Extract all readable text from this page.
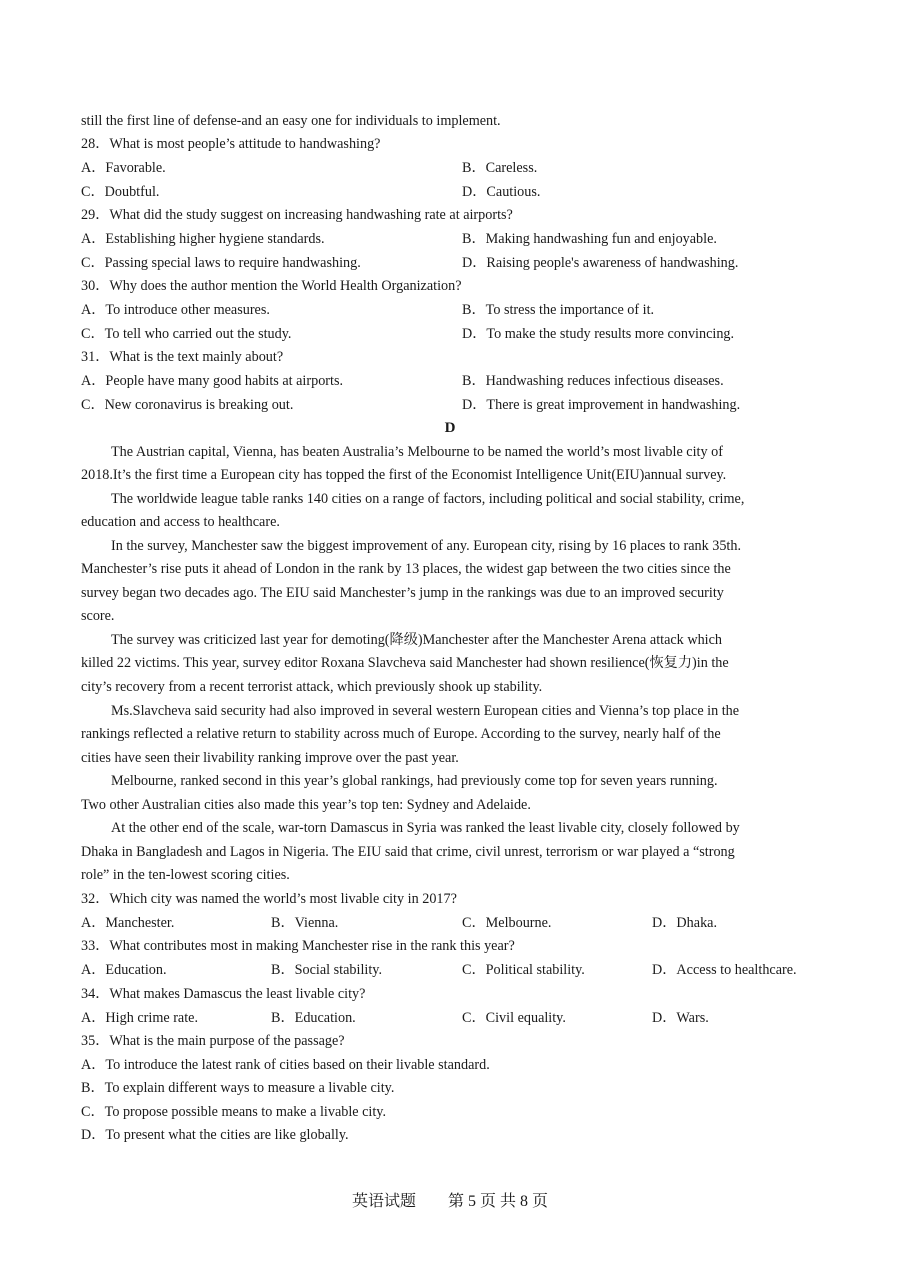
still the first line of defense-and an easy one for individuals to implement.
28．What is most people’s attitude to handwashing?
A．Favorable.	B．Careless.
C．Doubtful.	D．Cautious.
29．What did the study suggest on increasing handwashing rate at airports?
A．Establishing higher hygiene standards.	B．Making handwashing fun and enjoyable.
C．Passing special laws to require handwashing.	D．Raising people's awareness of handwashing.
30．Why does the author mention the World Health Organization?
A．To introduce other measures.	B．To stress the importance of it.
C．To tell who carried out the study.	D．To make the study results more convincing.
31．What is the text mainly about?
A．People have many good habits at airports.	B．Handwashing reduces infectious diseases.
C．New coronavirus is breaking out.	D．There is great improvement in handwashing.
D
The Austrian capital, Vienna, has beaten Australia’s Melbourne to be named the world’s most livable city of
2018.It’s the first time a European city has topped the first of the Economist Intelligence Unit(EIU)annual survey.
The worldwide league table ranks 140 cities on a range of factors, including political and social stability, crime,
education and access to healthcare.
In the survey, Manchester saw the biggest improvement of any. European city, rising by 16 places to rank 35th.
Manchester’s rise puts it ahead of London in the rank by 13 places, the widest gap between the two cities since the
survey began two decades ago. The EIU said Manchester’s jump in the rankings was due to an improved security
score.
The survey was criticized last year for demoting(降级)Manchester after the Manchester Arena attack which
killed 22 victims. This year, survey editor Roxana Slavcheva said Manchester had shown resilience(恢复力)in the
city’s recovery from a recent terrorist attack, which previously shook up stability.
Ms.Slavcheva said security had also improved in several western European cities and Vienna’s top place in the
rankings reflected a relative return to stability across much of Europe. According to the survey, nearly half of the
cities have seen their livability ranking improve over the past year.
Melbourne, ranked second in this year’s global rankings, had previously come top for seven years running.
Two other Australian cities also made this year’s top ten: Sydney and Adelaide.
At the other end of the scale, war-torn Damascus in Syria was ranked the least livable city, closely followed by
Dhaka in Bangladesh and Lagos in Nigeria. The EIU said that crime, civil unrest, terrorism or war played a “strong
role” in the ten-lowest scoring cities.
32．Which city was named the world’s most livable city in 2017?
A．Manchester.	B．Vienna.	C．Melbourne.	D．Dhaka.
33．What contributes most in making Manchester rise in the rank this year?
A．Education.	B．Social stability.	C．Political stability.	D．Access to healthcare.
34．What makes Damascus the least livable city?
A．High crime rate.	B．Education.	C．Civil equality.	D．Wars.
35．What is the main purpose of the passage?
A．To introduce the latest rank of cities based on their livable standard.
B．To explain different ways to measure a livable city.
C．To propose possible means to make a livable city.
D．To present what the cities are like globally.
英语试题 第 5 页 共 8 页
